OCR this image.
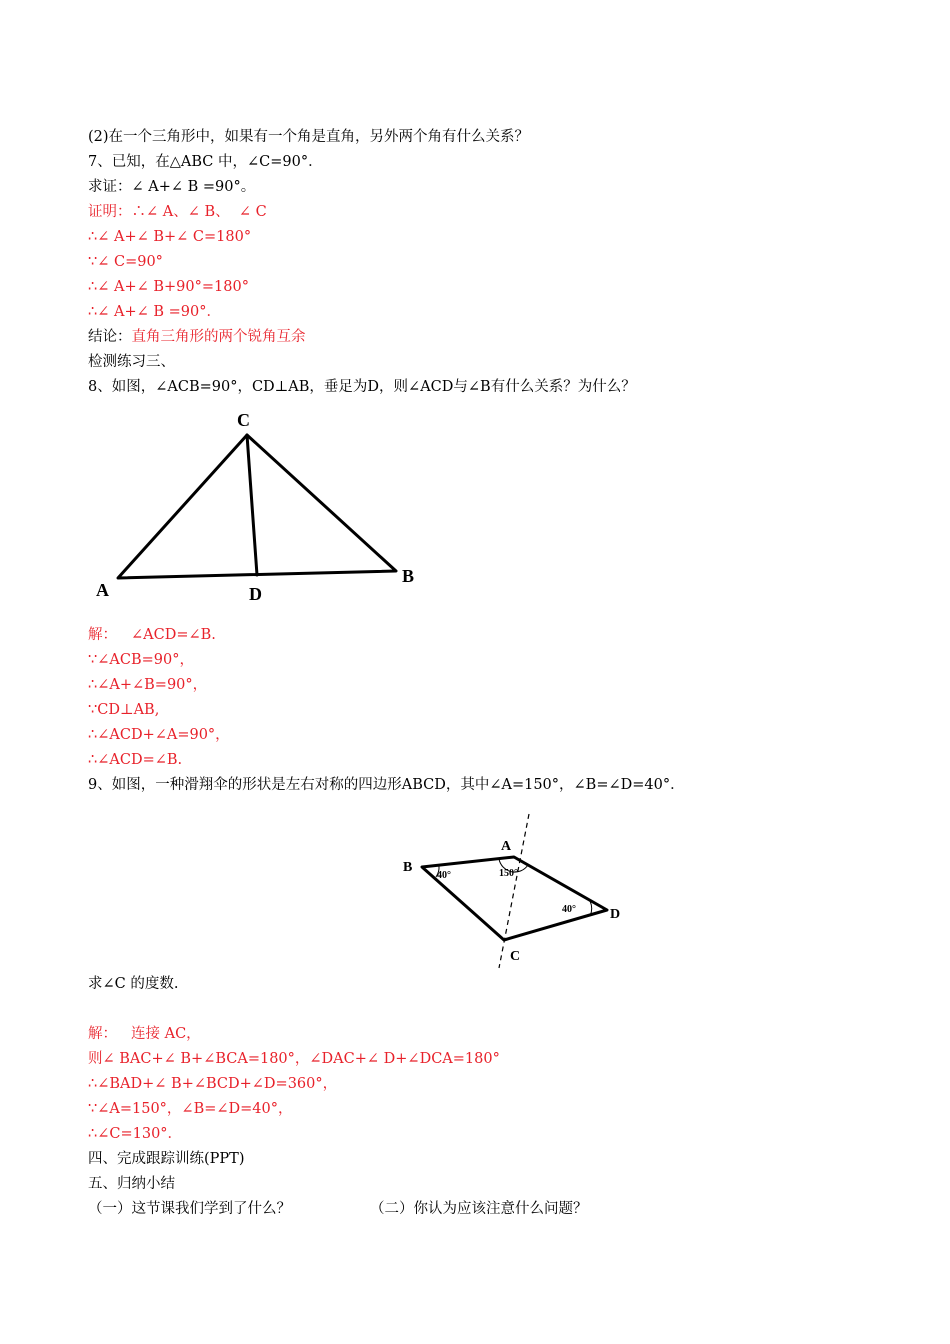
(2)在一个三角形中，如果有一个角是直角，另外两个角有什么关系？
7、已知，在△ABC 中，∠C=90°．
求证：∠ A+∠ B =90°。
证明：∴∠ A、∠ B、  ∠ C
∴∠ A+∠ B+∠ C=180°
∵∠ C=90°
∴∠ A+∠ B+90°=180°
∴∠ A+∠ B =90°．
结论：直角三角形的两个锐角互余
检测练习三、
8、如图，∠ACB=90°，CD⊥AB，垂足为D，则∠ACD与∠B有什么关系？为什么？
C
A
B
D
解： ∠ACD=∠B.
∵∠ACB=90°，
∴∠A+∠B=90°，
∵CD⊥AB,
∴∠ACD+∠A=90°，
∴∠ACD=∠B.
9、如图，一种滑翔伞的形状是左右对称的四边形ABCD，其中∠A=150°，∠B=∠D=40°．
B
A
D
C
40°	150°
40°
求∠C 的度数.
解： 连接 AC，
则∠ BAC+∠ B+∠BCA=180°，∠DAC+∠ D+∠DCA=180°
∴∠BAD+∠ B+∠BCD+∠D=360°，
∵∠A=150°，∠B=∠D=40°，
∴∠C=130°．
四、完成跟踪训练(PPT)
五、归纳小结
（一）这节课我们学到了什么？	（二）你认为应该注意什么问题？
